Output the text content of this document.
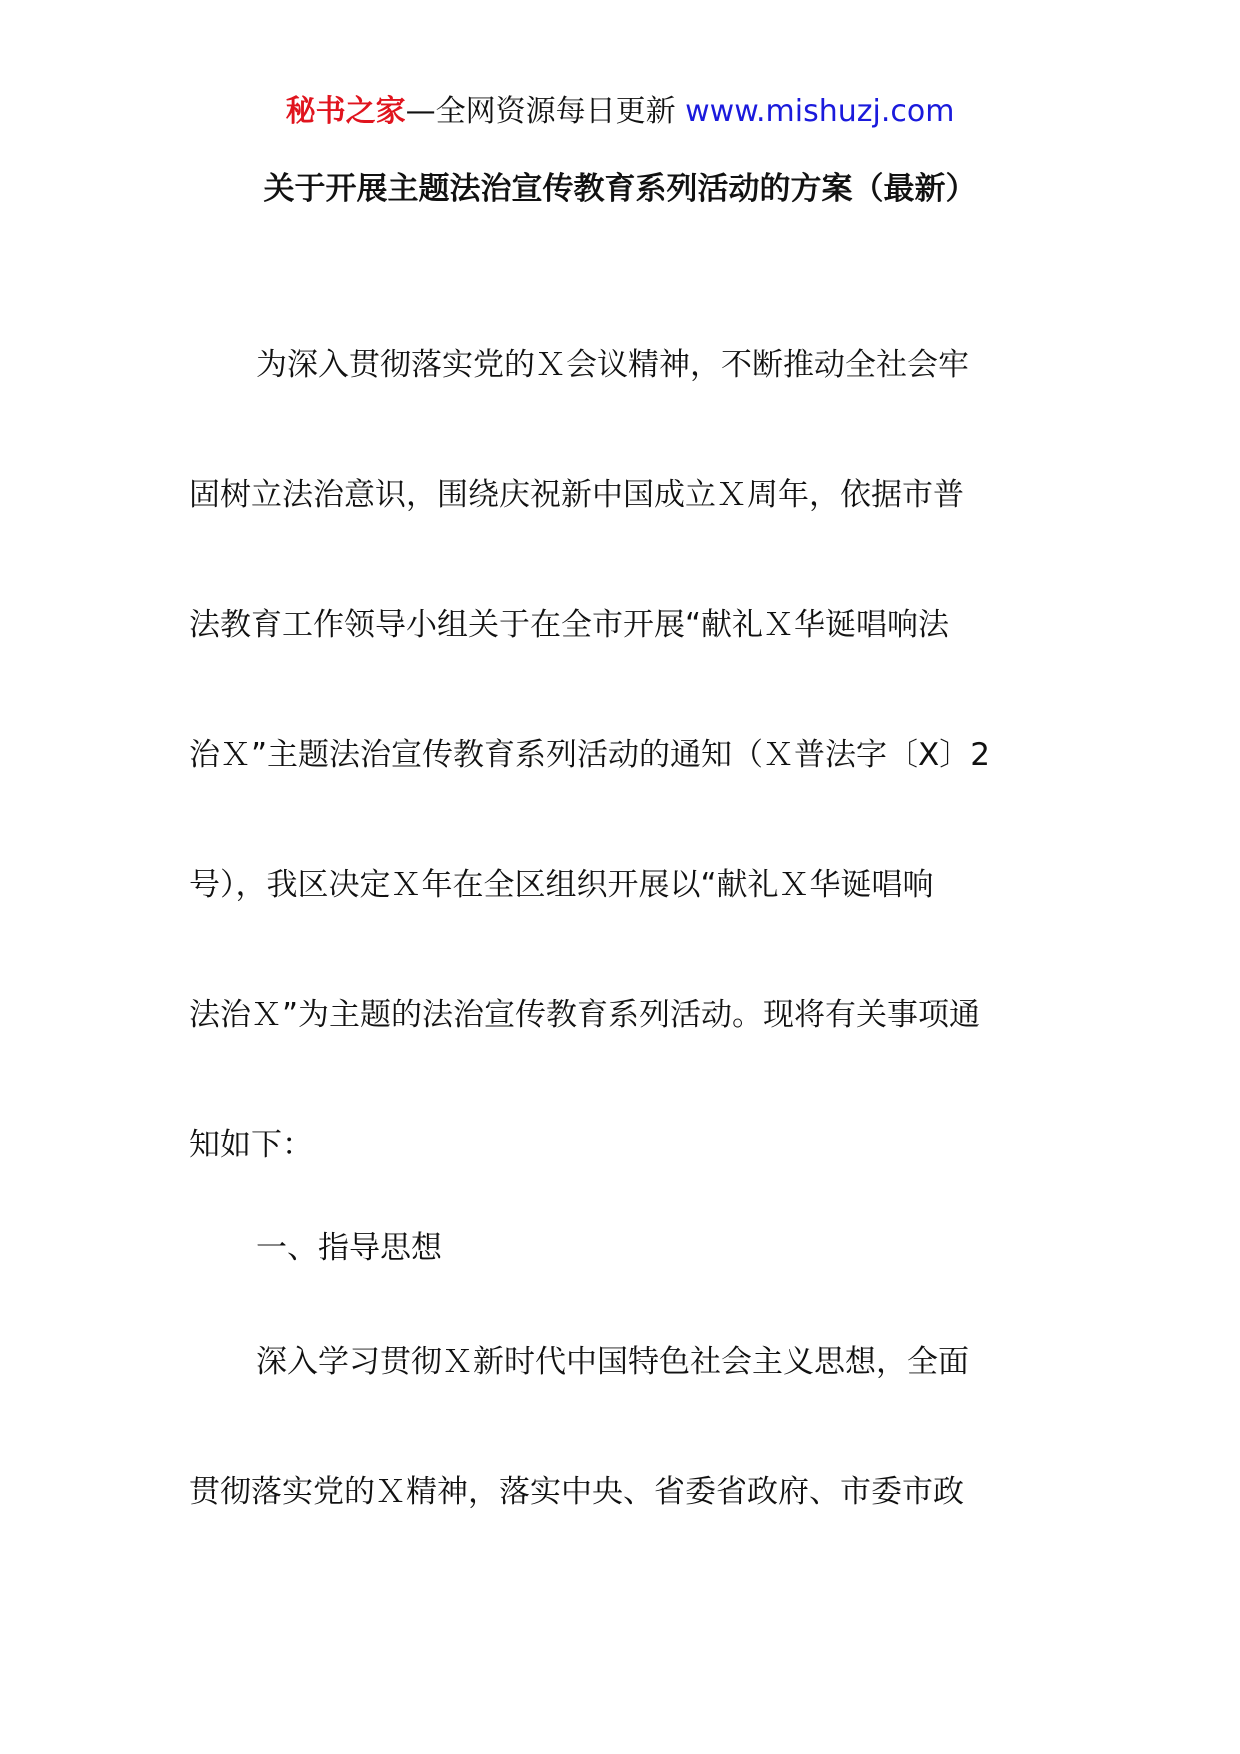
秘书之家—全网资源每日更新 www.mishuzj.com
关于开展主题法治宣传教育系列活动的方案（最新）
为深入贯彻落实党的Ｘ会议精神，不断推动全社会牢
固树立法治意识，围绕庆祝新中国成立Ｘ周年，依据市普
法教育工作领导小组关于在全市开展“献礼Ｘ华诞唱响法
治Ｘ”主题法治宣传教育系列活动的通知（Ｘ普法字〔X〕2
号），我区决定Ｘ年在全区组织开展以“献礼Ｘ华诞唱响
法治Ｘ”为主题的法治宣传教育系列活动。现将有关事项通
知如下：
一、指导思想
深入学习贯彻Ｘ新时代中国特色社会主义思想，全面
贯彻落实党的Ｘ精神，落实中央、省委省政府、市委市政
